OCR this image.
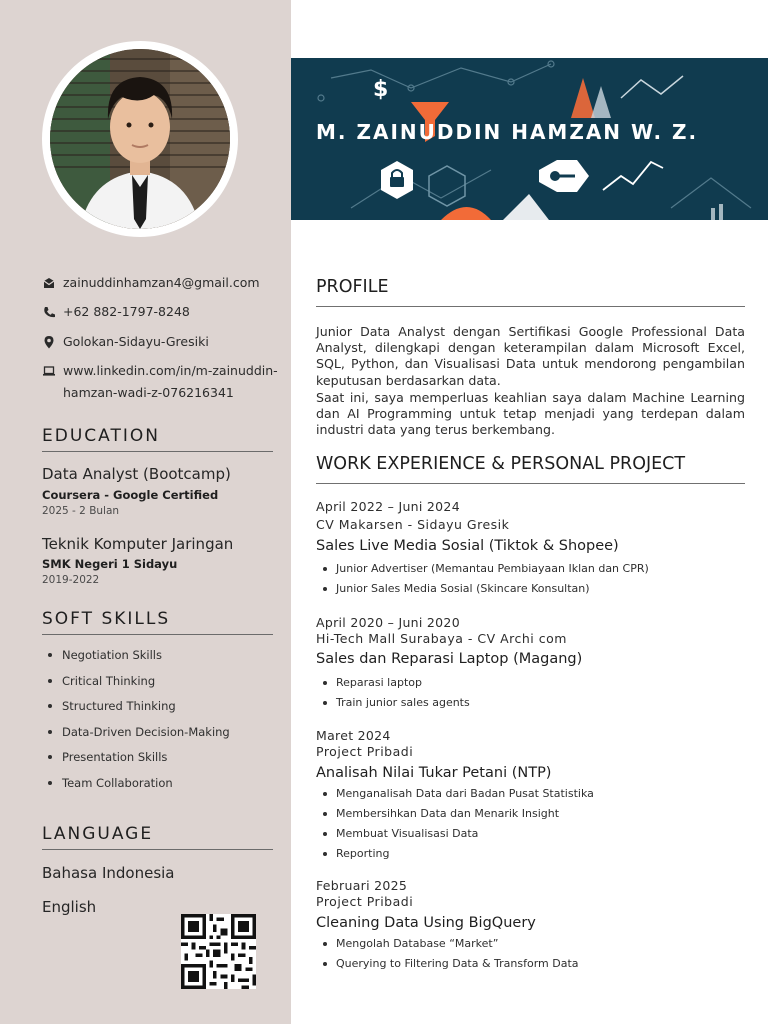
zainuddinhamzan4@gmail.com
+62 882-1797-8248
Golokan-Sidayu-Gresiki
www.linkedin.com/in/m-zainuddin-
hamzan-wadi-z-076216341
EDUCATION
Data Analyst (Bootcamp)
Coursera - Google Certified
2025 - 2 Bulan
Teknik Komputer Jaringan
SMK Negeri 1 Sidayu
2019-2022
SOFT SKILLS
Negotiation Skills
Critical Thinking
Structured Thinking
Data-Driven Decision-Making
Presentation Skills
Team Collaboration
LANGUAGE
Bahasa Indonesia
English
$
M. ZAINUDDIN HAMZAN W. Z.
PROFILE

Junior Data Analyst dengan Sertifikasi Google Professional Data Analyst, dilengkapi dengan keterampilan dalam Microsoft Excel, SQL, Python, dan Visualisasi Data untuk mendorong pengambilan keputusan berdasarkan data.

Saat ini, saya memperluas keahlian saya dalam Machine Learning dan AI Programming untuk tetap menjadi yang terdepan dalam industri data yang terus berkembang.

WORK EXPERIENCE & PERSONAL PROJECT
April 2022 – Juni 2024
CV Makarsen - Sidayu Gresik
Sales Live Media Sosial (Tiktok & Shopee)
Junior Advertiser (Memantau Pembiayaan Iklan dan CPR)
Junior Sales Media Sosial (Skincare Konsultan)
April 2020 – Juni 2020
Hi-Tech Mall Surabaya - CV Archi com
Sales dan Reparasi Laptop (Magang)
Reparasi laptop
Train junior sales agents
Maret 2024
Project Pribadi
Analisah Nilai Tukar Petani (NTP)
Menganalisah Data dari Badan Pusat Statistika
Membersihkan Data dan Menarik Insight
Membuat Visualisasi Data
Reporting
Februari 2025
Project Pribadi
Cleaning Data Using BigQuery
Mengolah Database “Market”
Querying to Filtering Data & Transform Data
